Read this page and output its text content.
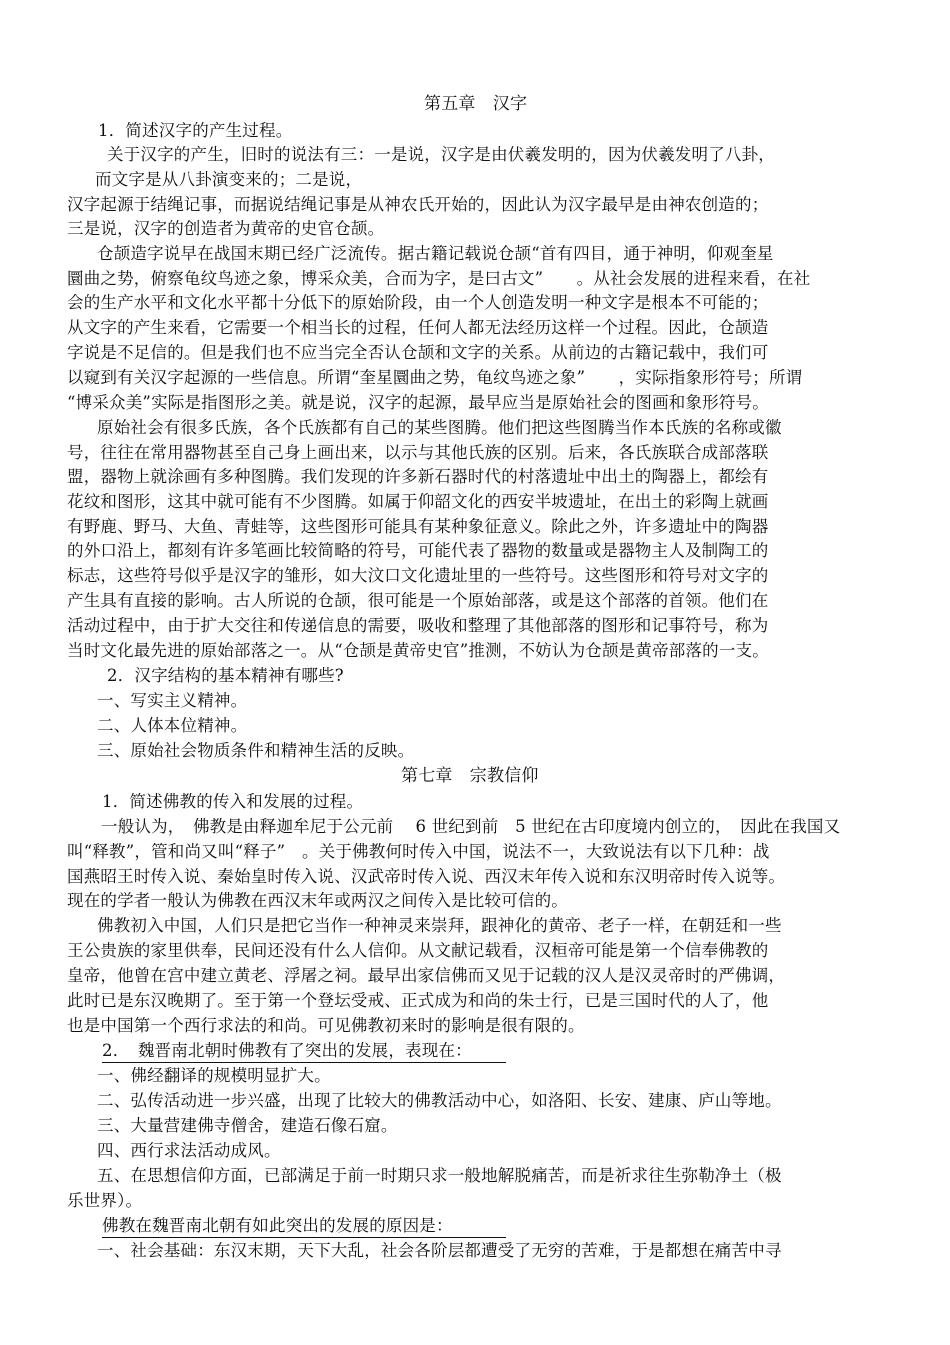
第五章　汉字
1．简述汉字的产生过程。
关于汉字的产生，旧时的说法有三：一是说，汉字是由伏羲发明的，因为伏羲发明了八卦，
而文字是从八卦演变来的；二是说，
汉字起源于结绳记事，而据说结绳记事是从神农氏开始的，因此认为汉字最早是由神农创造的；
三是说，汉字的创造者为黄帝的史官仓颉。
仓颉造字说早在战国末期已经广泛流传。据古籍记载说仓颉“首有四目，通于神明，仰观奎星
圜曲之势，俯察龟纹鸟迹之象，博采众美，合而为字，是曰古文”　　。从社会发展的进程来看，在社
会的生产水平和文化水平都十分低下的原始阶段，由一个人创造发明一种文字是根本不可能的；
从文字的产生来看，它需要一个相当长的过程，任何人都无法经历这样一个过程。因此，仓颉造
字说是不足信的。但是我们也不应当完全否认仓颉和文字的关系。从前边的古籍记载中，我们可
以窥到有关汉字起源的一些信息。所谓“奎星圜曲之势，龟纹鸟迹之象”　　，实际指象形符号；所谓
“博采众美”实际是指图形之美。就是说，汉字的起源，最早应当是原始社会的图画和象形符号。
原始社会有很多氏族，各个氏族都有自己的某些图腾。他们把这些图腾当作本氏族的名称或徽
号，往往在常用器物甚至自己身上画出来，以示与其他氏族的区别。后来，各氏族联合成部落联
盟，器物上就涂画有多种图腾。我们发现的许多新石器时代的村落遗址中出土的陶器上，都绘有
花纹和图形，这其中就可能有不少图腾。如属于仰韶文化的西安半坡遗址，在出土的彩陶上就画
有野鹿、野马、大鱼、青蛙等，这些图形可能具有某种象征意义。除此之外，许多遗址中的陶器
的外口沿上，都刻有许多笔画比较简略的符号，可能代表了器物的数量或是器物主人及制陶工的
标志，这些符号似乎是汉字的雏形，如大汶口文化遗址里的一些符号。这些图形和符号对文字的
产生具有直接的影响。古人所说的仓颉，很可能是一个原始部落，或是这个部落的首领。他们在
活动过程中，由于扩大交往和传递信息的需要，吸收和整理了其他部落的图形和记事符号，称为
当时文化最先进的原始部落之一。从“仓颉是黄帝史官”推测，不妨认为仓颉是黄帝部落的一支。
2．汉字结构的基本精神有哪些?
一、写实主义精神。
二、人体本位精神。
三、原始社会物质条件和精神生活的反映。
第七章　宗教信仰
1．简述佛教的传入和发展的过程。
一般认为，　佛教是由释迦牟尼于公元前　 6 世纪到前　5 世纪在古印度境内创立的，　因此在我国又
叫“释教”，管和尚又叫“释子”　。关于佛教何时传入中国，说法不一，大致说法有以下几种：战
国燕昭王时传入说、秦始皇时传入说、汉武帝时传入说、西汉末年传入说和东汉明帝时传入说等。
现在的学者一般认为佛教在西汉末年或两汉之间传入是比较可信的。
佛教初入中国，人们只是把它当作一种神灵来崇拜，跟神化的黄帝、老子一样，在朝廷和一些
王公贵族的家里供奉，民间还没有什么人信仰。从文献记载看，汉桓帝可能是第一个信奉佛教的
皇帝，他曾在宫中建立黄老、浮屠之祠。最早出家信佛而又见于记载的汉人是汉灵帝时的严佛调，
此时已是东汉晚期了。至于第一个登坛受戒、正式成为和尚的朱士行，已是三国时代的人了，他
也是中国第一个西行求法的和尚。可见佛教初来时的影响是很有限的。
2．　魏晋南北朝时佛教有了突出的发展，表现在：
一、佛经翻译的规模明显扩大。
二、弘传活动进一步兴盛，出现了比较大的佛教活动中心，如洛阳、长安、建康、庐山等地。
三、大量营建佛寺僧舍，建造石像石窟。
四、西行求法活动成风。
五、在思想信仰方面，已部满足于前一时期只求一般地解脱痛苦，而是祈求往生弥勒净土（极
乐世界）。
佛教在魏晋南北朝有如此突出的发展的原因是：
一、社会基础：东汉末期，天下大乱，社会各阶层都遭受了无穷的苦难，于是都想在痛苦中寻
